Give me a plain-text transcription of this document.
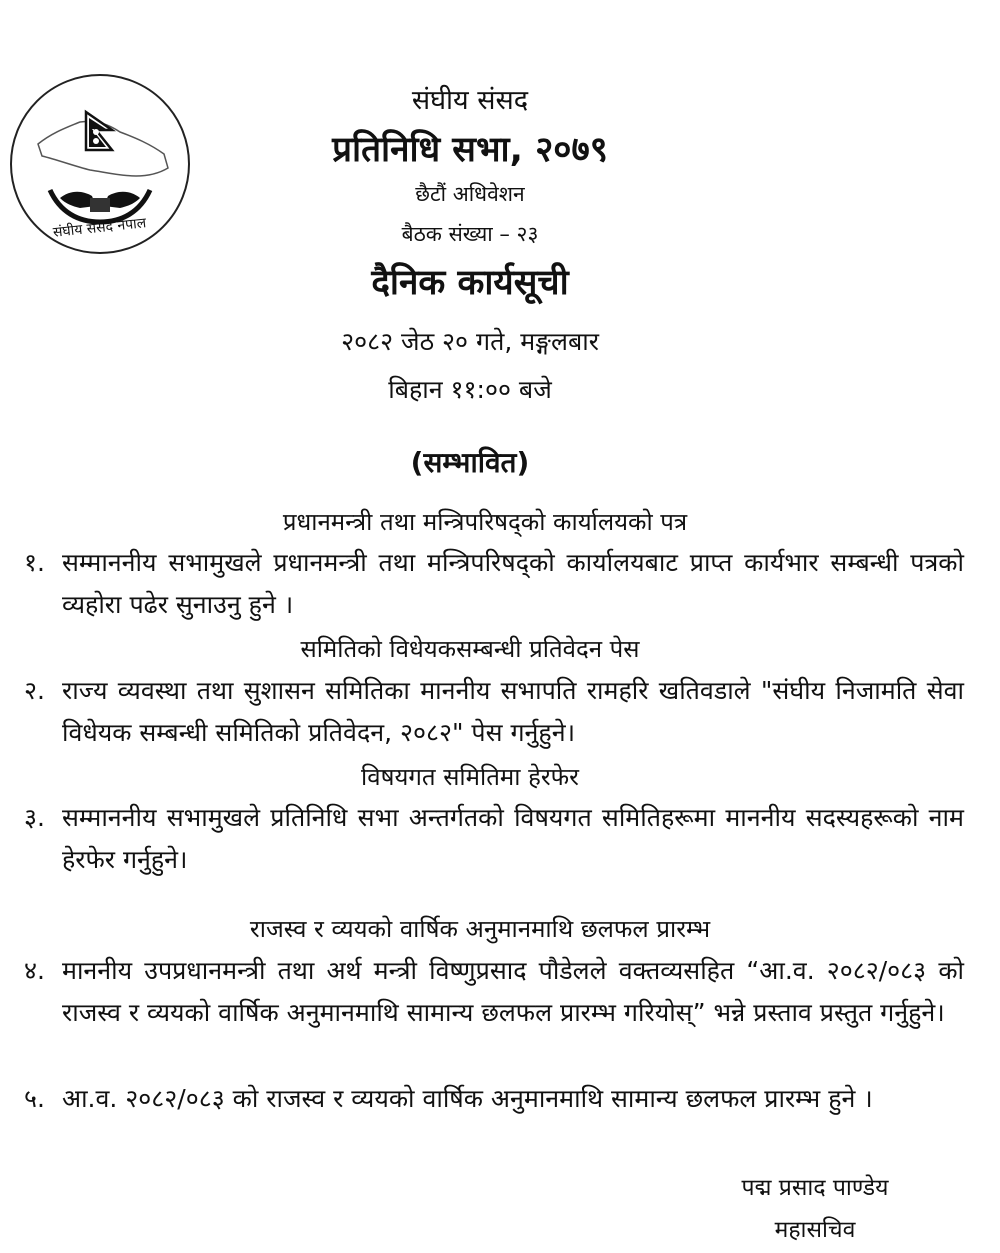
संघीय संसद नेपाल
संघीय संसद
प्रतिनिधि सभा, २०७९
छैटौं अधिवेशन
बैठक संख्या – २३
दैनिक कार्यसूची
२०८२ जेठ २० गते, मङ्गलबार
बिहान ११:०० बजे
(सम्भावित)
प्रधानमन्त्री तथा मन्त्रिपरिषद्को कार्यालयको पत्र
१. सम्माननीय सभामुखले प्रधानमन्त्री तथा मन्त्रिपरिषद्को कार्यालयबाट प्राप्त कार्यभार सम्बन्धी पत्रको व्यहोरा पढेर सुनाउनु हुने ।
समितिको विधेयकसम्बन्धी प्रतिवेदन पेस
२. राज्य व्यवस्था तथा सुशासन समितिका माननीय सभापति रामहरि खतिवडाले "संघीय निजामति सेवा विधेयक सम्बन्धी समितिको प्रतिवेदन, २०८२" पेस गर्नुहुने।
विषयगत समितिमा हेरफेर
३. सम्माननीय सभामुखले प्रतिनिधि सभा अन्तर्गतको विषयगत समितिहरूमा माननीय सदस्यहरूको नाम हेरफेर गर्नुहुने।
राजस्व र व्ययको वार्षिक अनुमानमाथि छलफल प्रारम्भ
४. माननीय उपप्रधानमन्त्री तथा अर्थ मन्त्री विष्णुप्रसाद पौडेलले वक्तव्यसहित “आ.व. २०८२/०८३ को राजस्व र व्ययको वार्षिक अनुमानमाथि सामान्य छलफल प्रारम्भ गरियोस्” भन्ने प्रस्ताव प्रस्तुत गर्नुहुने।
५. आ.व. २०८२/०८३ को राजस्व र व्ययको वार्षिक अनुमानमाथि सामान्य छलफल प्रारम्भ हुने ।
पद्म प्रसाद पाण्डेय
महासचिव
